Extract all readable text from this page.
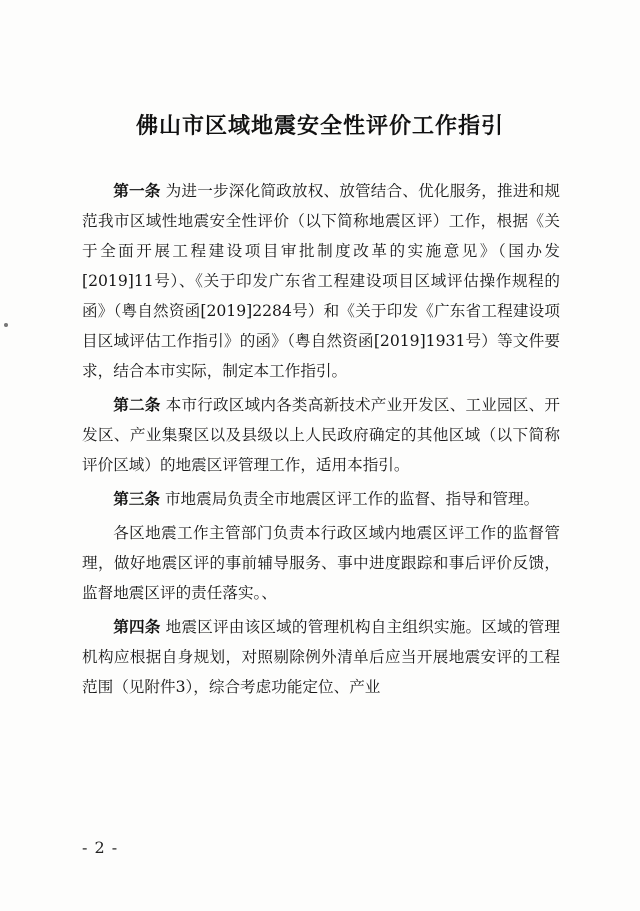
佛山市区域地震安全性评价工作指引

第一条 为进一步深化简政放权、放管结合、优化服务，推进和规范我市区域性地震安全性评价（以下简称地震区评）工作，根据《关于全面开展工程建设项目审批制度改革的实施意见》（国办发[2019]11号）、《关于印发广东省工程建设项目区域评估操作规程的函》（粤自然资函[2019]2284号）和《关于印发《广东省工程建设项目区域评估工作指引》的函》（粤自然资函[2019]1931号）等文件要求，结合本市实际，制定本工作指引。

第二条 本市行政区域内各类高新技术产业开发区、工业园区、开发区、产业集聚区以及县级以上人民政府确定的其他区域（以下简称评价区域）的地震区评管理工作，适用本指引。

第三条 市地震局负责全市地震区评工作的监督、指导和管理。

各区地震工作主管部门负责本行政区域内地震区评工作的监督管理，做好地震区评的事前辅导服务、事中进度跟踪和事后评价反馈，监督地震区评的责任落实。、

第四条 地震区评由该区域的管理机构自主组织实施。区域的管理机构应根据自身规划，对照剔除例外清单后应当开展地震安评的工程范围（见附件3），综合考虑功能定位、产业

- 2 -
